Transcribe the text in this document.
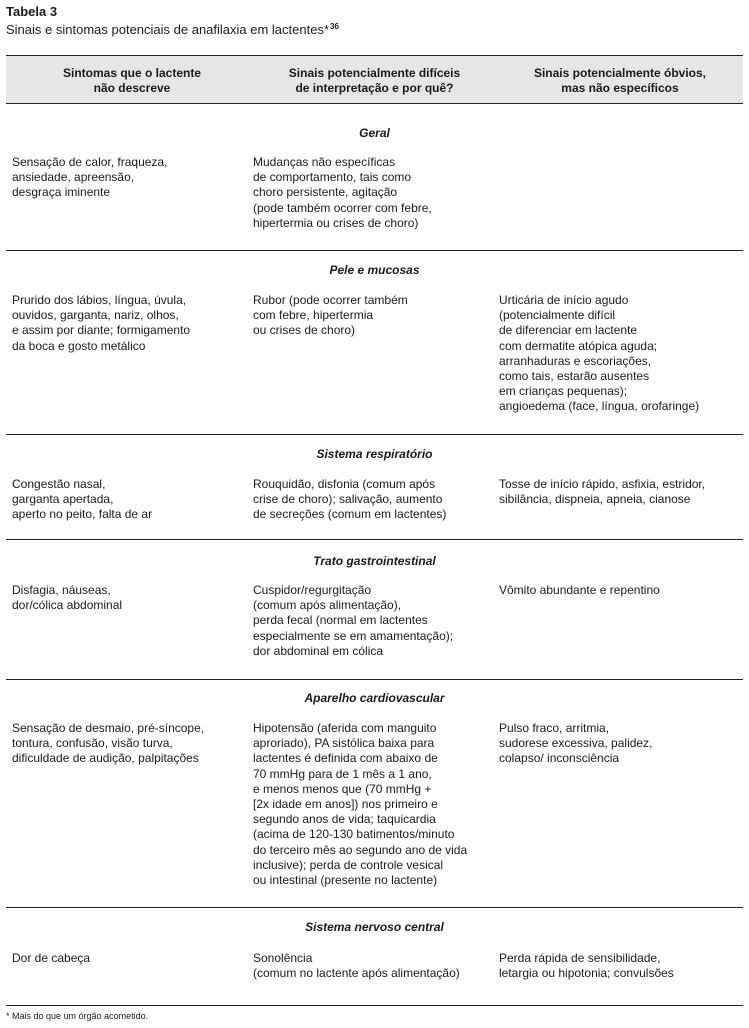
Tabela 3
Sinais e sintomas potenciais de anafilaxia em lactentes*$^{36}$
Sintomas que o lactente
não descreve
Sinais potencialmente difíceis
de interpretação e por quê?
Sinais potencialmente óbvios,
mas não específicos
Geral
Sensação de calor, fraqueza,
ansiedade, apreensão,
desgraça iminente
Mudanças não específicas
de comportamento, tais como
choro persistente, agitação
(pode também ocorrer com febre,
hipertermia ou crises de choro)
Pele e mucosas
Prurido dos lábios, língua, úvula,
ouvidos, garganta, nariz, olhos,
e assim por diante; formigamento
da boca e gosto metálico
Rubor (pode ocorrer também
com febre, hipertermia
ou crises de choro)
Urticária de início agudo
(potencialmente difícil
de diferenciar em lactente
com dermatite atópica aguda;
arranhaduras e escoriações,
como tais, estarão ausentes
em crianças pequenas);
angioedema (face, língua, orofaringe)
Sistema respiratório
Congestão nasal,
garganta apertada,
aperto no peito, falta de ar
Rouquidão, disfonia (comum após
crise de choro); salivação, aumento
de secreções (comum em lactentes)
Tosse de início rápido, asfixia, estridor,
sibilância, dispneia, apneia, cianose
Trato gastrointestinal
Disfagia, náuseas,
dor/cólica abdominal
Cuspidor/regurgitação
(comum após alimentação),
perda fecal (normal em lactentes
especialmente se em amamentação);
dor abdominal em cólica
Vômito abundante e repentino
Aparelho cardiovascular
Sensação de desmaio, pré-síncope,
tontura, confusão, visão turva,
dificuldade de audição, palpitações
Hipotensão (aferida com manguito
aproriado), PA sistólica baixa para
lactentes é definida com abaixo de
70 mmHg para de 1 mês a 1 ano,
e menos menos que (70 mmHg +
[2x idade em anos]) nos primeiro e
segundo anos de vida; taquicardia
(acima de 120-130 batimentos/minuto
do terceiro mês ao segundo ano de vida
inclusive); perda de controle vesical
ou intestinal (presente no lactente)
Pulso fraco, arritmia,
sudorese excessiva, palidez,
colapso/ inconsciência
Sistema nervoso central
Dor de cabeça	Sonolência
(comum no lactente após alimentação)
Perda rápida de sensibilidade,
letargia ou hipotonia; convulsões
* Mais do que um órgão acometido.
